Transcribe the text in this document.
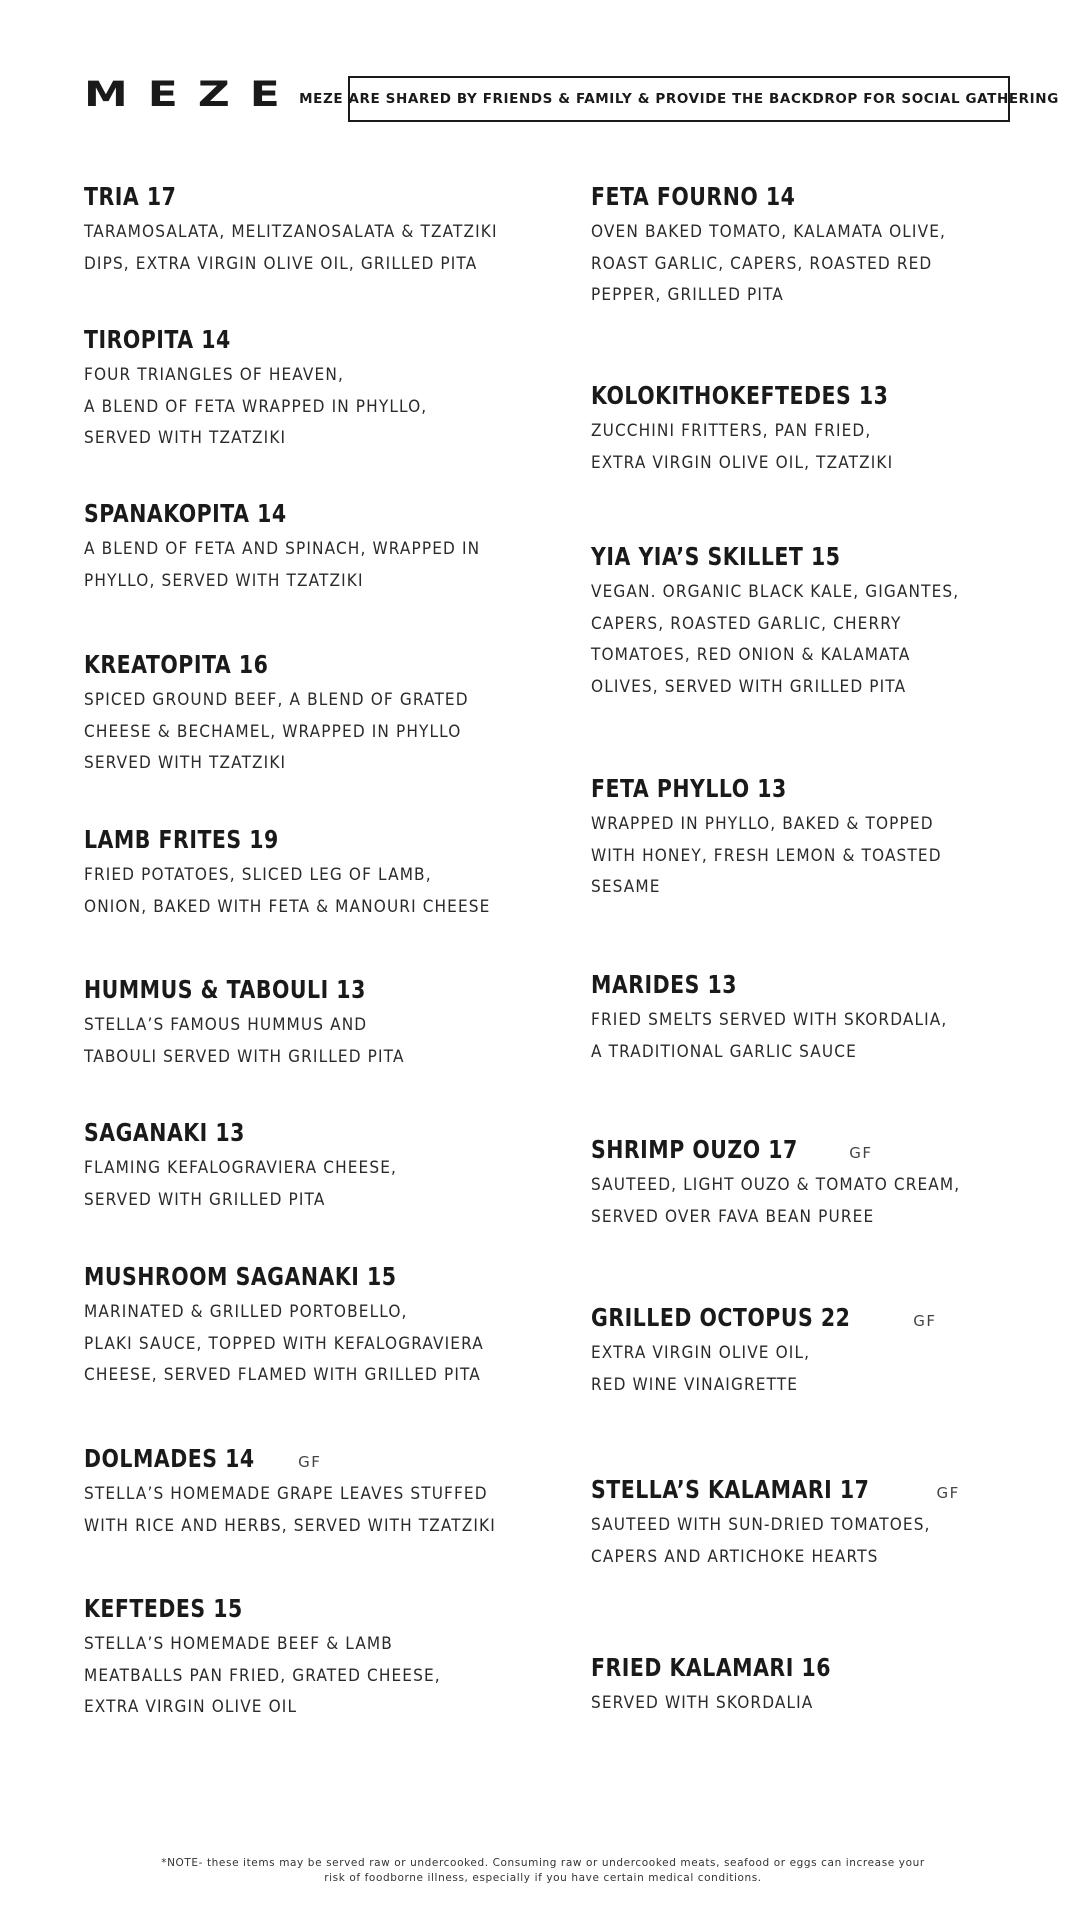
MEZE MEZE ARE SHARED BY FRIENDS & FAMILY & PROVIDE THE BACKDROP FOR SOCIAL GATHERING
TRIA 17
TARAMOSALATA, MELITZANOSALATA & TZATZIKI
DIPS, EXTRA VIRGIN OLIVE OIL, GRILLED PITA
TIROPITA 14
FOUR TRIANGLES OF HEAVEN,
A BLEND OF FETA WRAPPED IN PHYLLO,
SERVED WITH TZATZIKI
SPANAKOPITA 14
A BLEND OF FETA AND SPINACH, WRAPPED IN
PHYLLO, SERVED WITH TZATZIKI
KREATOPITA 16
SPICED GROUND BEEF, A BLEND OF GRATED
CHEESE & BECHAMEL, WRAPPED IN PHYLLO
SERVED WITH TZATZIKI
LAMB FRITES 19
FRIED POTATOES, SLICED LEG OF LAMB,
ONION, BAKED WITH FETA & MANOURI CHEESE
HUMMUS & TABOULI 13
STELLA’S FAMOUS HUMMUS AND
TABOULI SERVED WITH GRILLED PITA
SAGANAKI 13
FLAMING KEFALOGRAVIERA CHEESE,
SERVED WITH GRILLED PITA
MUSHROOM SAGANAKI 15
MARINATED & GRILLED PORTOBELLO,
PLAKI SAUCE, TOPPED WITH KEFALOGRAVIERA
CHEESE, SERVED FLAMED WITH GRILLED PITA
DOLMADES 14	GF
STELLA’S HOMEMADE GRAPE LEAVES STUFFED
WITH RICE AND HERBS, SERVED WITH TZATZIKI
KEFTEDES 15
STELLA’S HOMEMADE BEEF & LAMB
MEATBALLS PAN FRIED, GRATED CHEESE,
EXTRA VIRGIN OLIVE OIL
FETA FOURNO 14
OVEN BAKED TOMATO, KALAMATA OLIVE,
ROAST GARLIC, CAPERS, ROASTED RED
PEPPER, GRILLED PITA
KOLOKITHOKEFTEDES 13
ZUCCHINI FRITTERS, PAN FRIED,
EXTRA VIRGIN OLIVE OIL, TZATZIKI
YIA YIA’S SKILLET 15
VEGAN. ORGANIC BLACK KALE, GIGANTES,
CAPERS, ROASTED GARLIC, CHERRY
TOMATOES, RED ONION & KALAMATA
OLIVES, SERVED WITH GRILLED PITA
FETA PHYLLO 13
WRAPPED IN PHYLLO, BAKED & TOPPED
WITH HONEY, FRESH LEMON & TOASTED
SESAME
MARIDES 13
FRIED SMELTS SERVED WITH SKORDALIA,
A TRADITIONAL GARLIC SAUCE
SHRIMP OUZO 17	GF
SAUTEED, LIGHT OUZO & TOMATO CREAM,
SERVED OVER FAVA BEAN PUREE
GRILLED OCTOPUS 22	GF
EXTRA VIRGIN OLIVE OIL,
RED WINE VINAIGRETTE
STELLA’S KALAMARI 17	GF
SAUTEED WITH SUN-DRIED TOMATOES,
CAPERS AND ARTICHOKE HEARTS
FRIED KALAMARI 16
SERVED WITH SKORDALIA
*NOTE- these items may be served raw or undercooked. Consuming raw or undercooked meats, seafood or eggs can increase your
risk of foodborne illness, especially if you have certain medical conditions.
